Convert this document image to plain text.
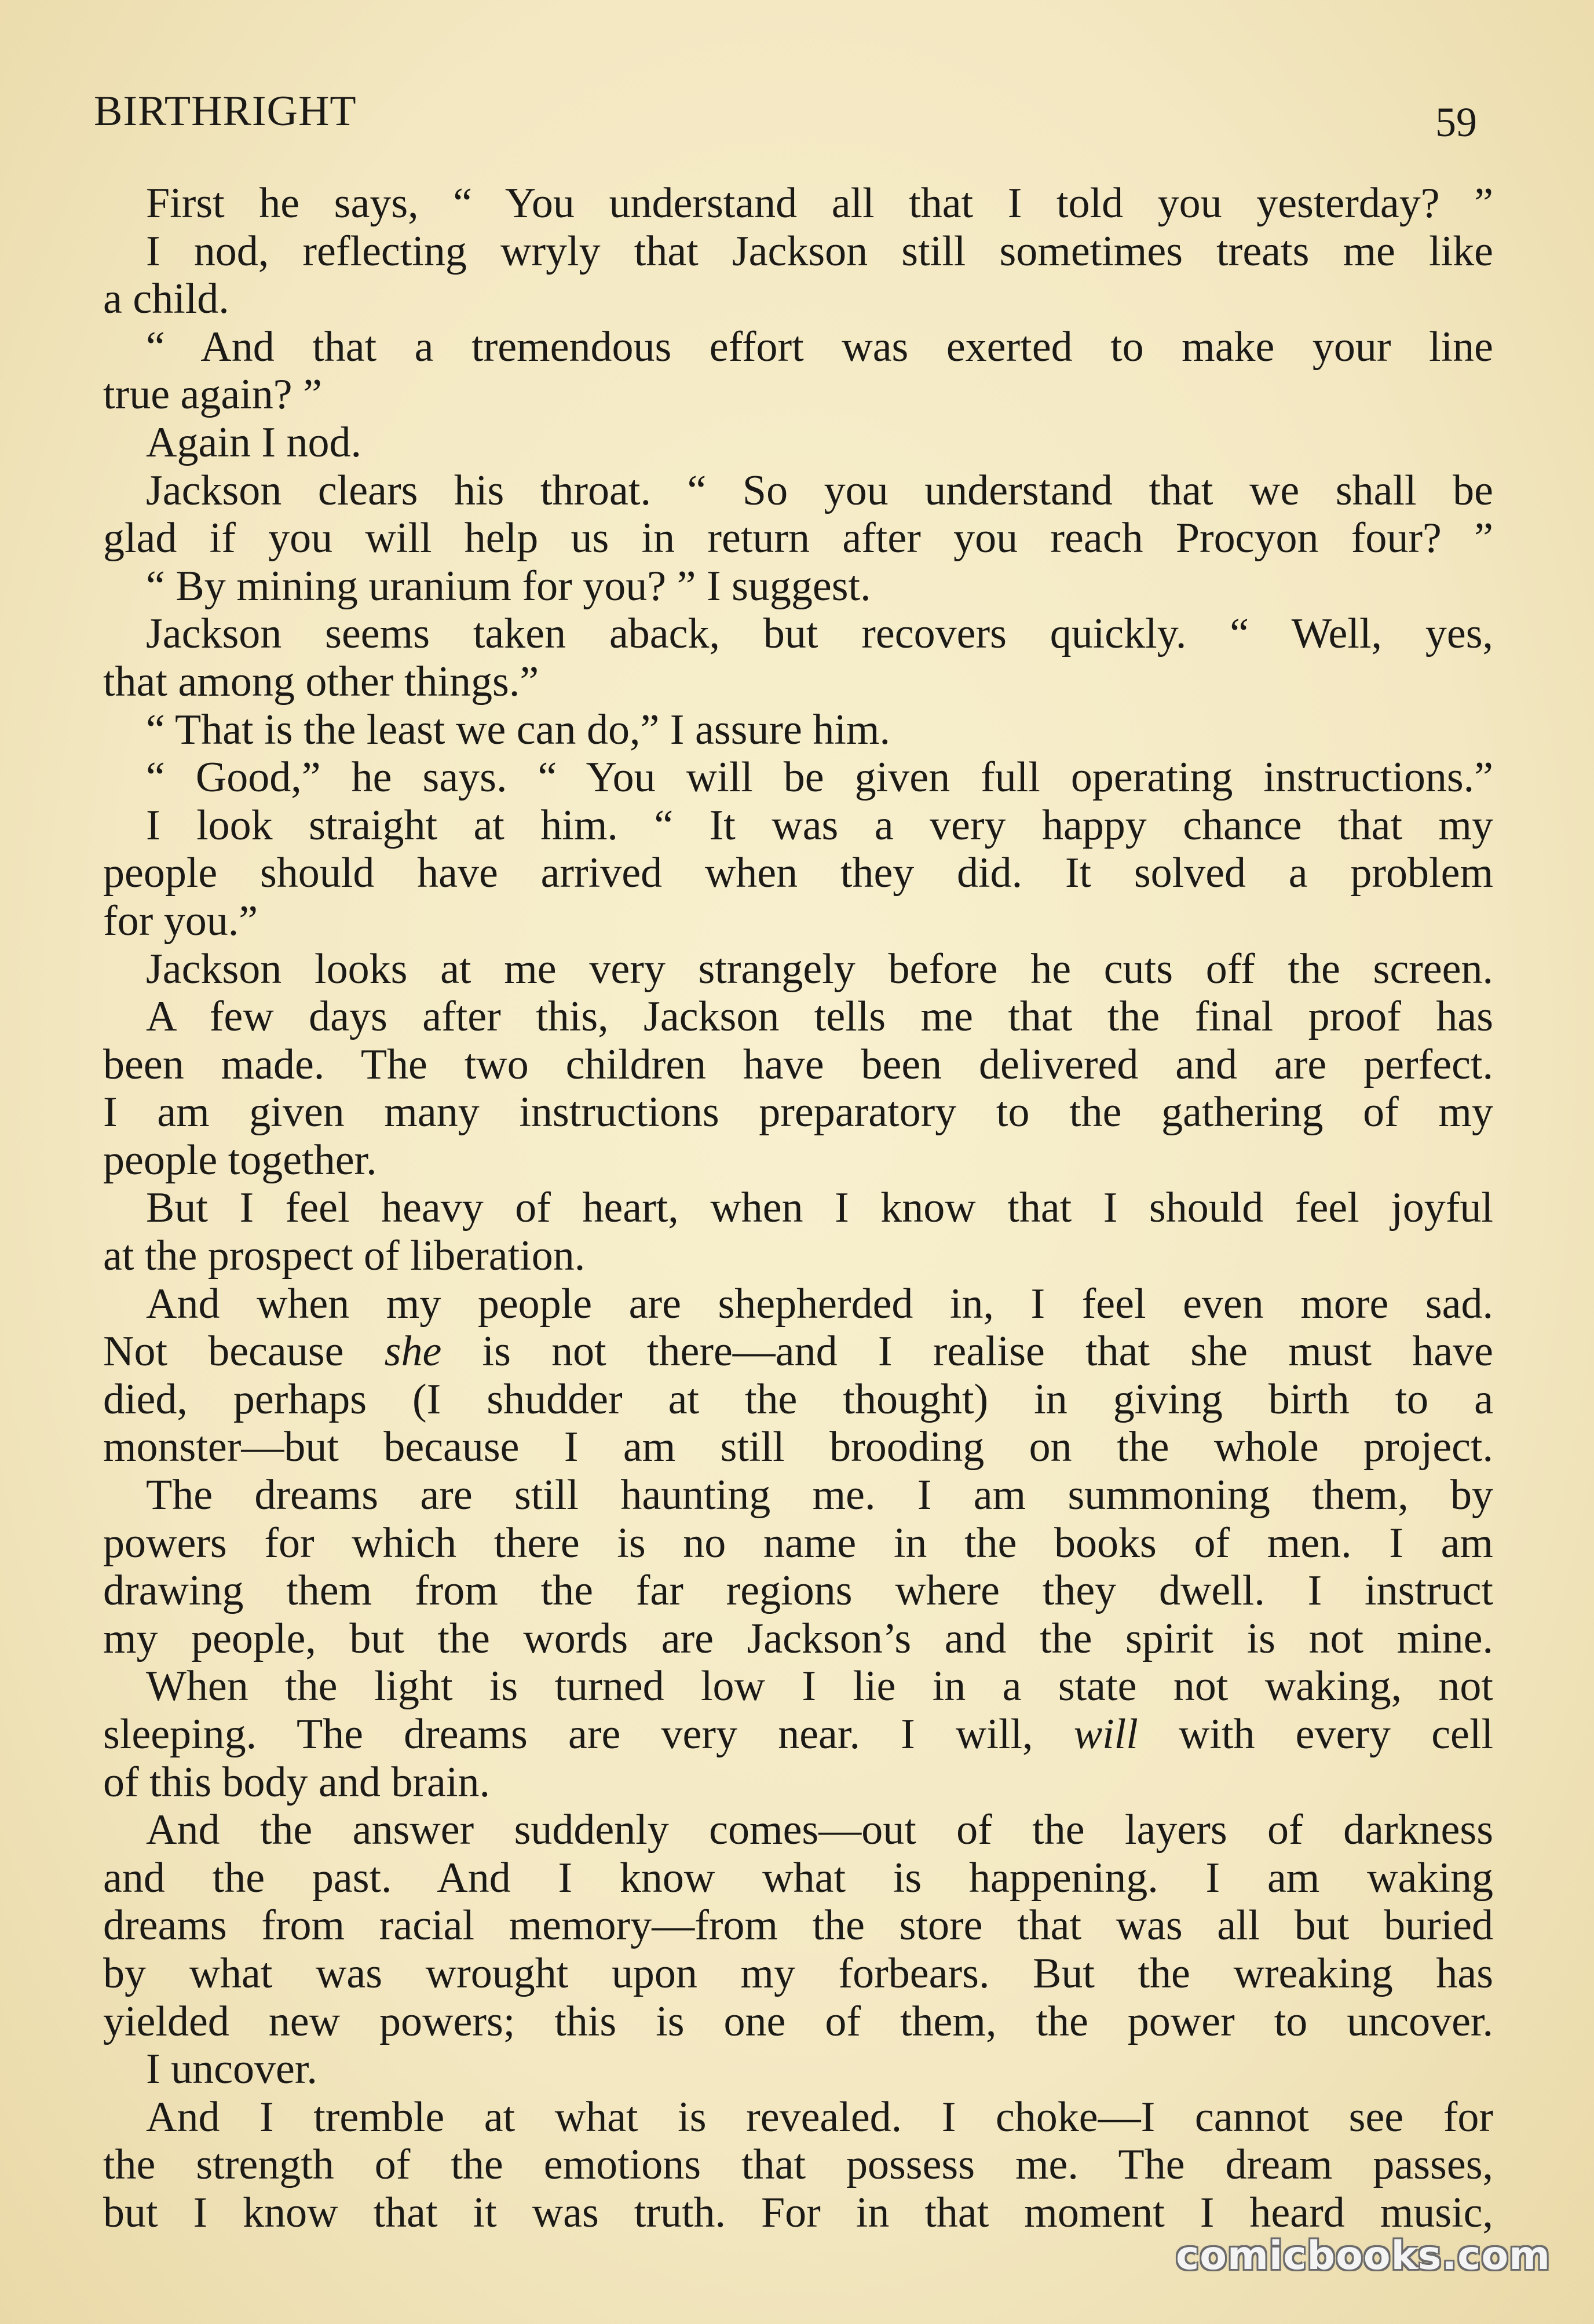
BIRTHRIGHT	59
First he says, “ You understand all that I told you yesterday? ”
I nod, reflecting wryly that Jackson still sometimes treats me like
a child.
“ And that a tremendous effort was exerted to make your line
true again? ”
Again I nod.
Jackson clears his throat. “ So you understand that we shall be
glad if you will help us in return after you reach Procyon four? ”
“ By mining uranium for you? ” I suggest.
Jackson seems taken aback, but recovers quickly. “ Well, yes,
that among other things.”
“ That is the least we can do,” I assure him.
“ Good,” he says. “ You will be given full operating instructions.”
I look straight at him. “ It was a very happy chance that my
people should have arrived when they did. It solved a problem
for you.”
Jackson looks at me very strangely before he cuts off the screen.
A few days after this, Jackson tells me that the final proof has
been made. The two children have been delivered and are perfect.
I am given many instructions preparatory to the gathering of my
people together.
But I feel heavy of heart, when I know that I should feel joyful
at the prospect of liberation.
And when my people are shepherded in, I feel even more sad.
Not because she is not there—and I realise that she must have
died, perhaps (I shudder at the thought) in giving birth to a
monster—but because I am still brooding on the whole project.
The dreams are still haunting me. I am summoning them, by
powers for which there is no name in the books of men. I am
drawing them from the far regions where they dwell. I instruct
my people, but the words are Jackson’s and the spirit is not mine.
When the light is turned low I lie in a state not waking, not
sleeping. The dreams are very near. I will, will with every cell
of this body and brain.
And the answer suddenly comes—out of the layers of darkness
and the past. And I know what is happening. I am waking
dreams from racial memory—from the store that was all but buried
by what was wrought upon my forbears. But the wreaking has
yielded new powers; this is one of them, the power to uncover.
I uncover.
And I tremble at what is revealed. I choke—I cannot see for
the strength of the emotions that possess me. The dream passes,
but I know that it was truth. For in that moment I heard music,
comicbooks.com
